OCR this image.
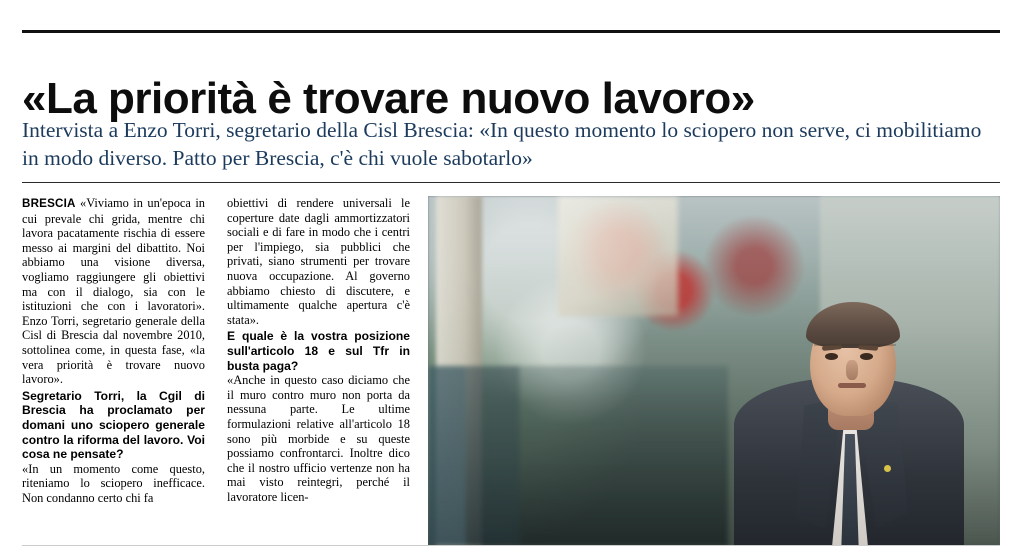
«La priorità è trovare nuovo lavoro»
Intervista a Enzo Torri, segretario della Cisl Brescia: «In questo momento lo sciopero non serve, ci mobilitiamo in modo diverso. Patto per Brescia, c'è chi vuole sabotarlo»

BRESCIA «Viviamo in un'epoca in cui prevale chi grida, mentre chi lavora pacatamente rischia di essere messo ai margini del dibattito. Noi abbiamo una visione diversa, vogliamo raggiungere gli obiettivi ma con il dialogo, sia con le istituzioni che con i lavoratori». Enzo Torri, segretario generale della Cisl di Brescia dal novembre 2010, sottolinea come, in questa fase, «la vera priorità è trovare nuovo lavoro».

Segretario Torri, la Cgil di Brescia ha proclamato per domani uno sciopero generale contro la riforma del lavoro. Voi cosa ne pensate?

«In un momento come questo, riteniamo lo sciopero inefficace. Non condanno certo chi fa

obiettivi di rendere universali le coperture date dagli ammortizzatori sociali e di fare in modo che i centri per l'impiego, sia pubblici che privati, siano strumenti per trovare nuova occupazione. Al governo abbiamo chiesto di discutere, e ultimamente qualche apertura c'è stata».

E quale è la vostra posizione sull'articolo 18 e sul Tfr in busta paga?

«Anche in questo caso diciamo che il muro contro muro non porta da nessuna parte. Le ultime formulazioni relative all'articolo 18 sono più morbide e su queste possiamo confrontarci. Inoltre dico che il nostro ufficio vertenze non ha mai visto reintegri, perché il lavoratore licen-
